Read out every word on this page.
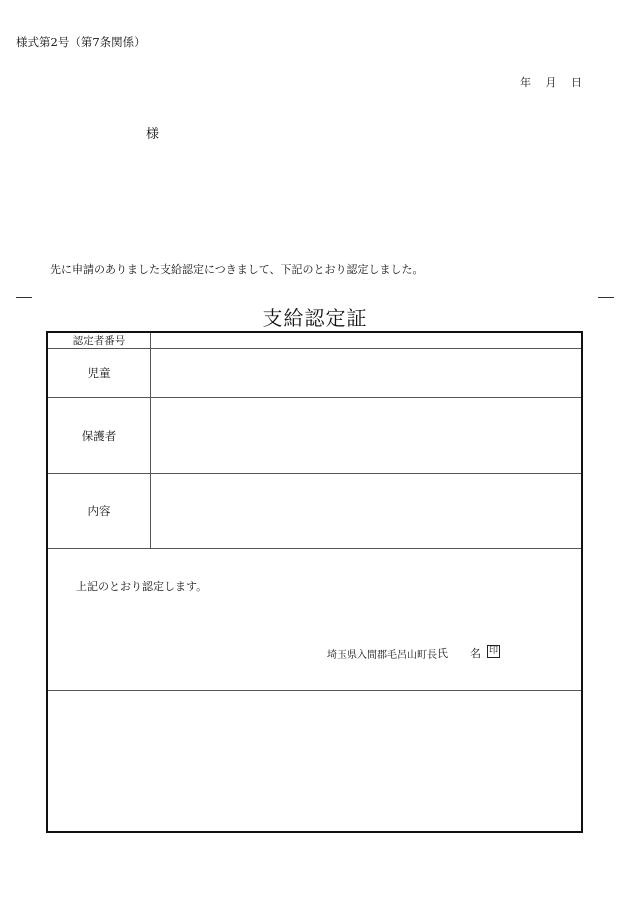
様式第2号（第7条関係）
年 月 日
様
先に申請のありました支給認定につきまして、下記のとおり認定しました。
支給認定証
認定者番号
児童
保護者
内容
上記のとおり認定します。
埼玉県入間郡毛呂山町長 氏 名 印
